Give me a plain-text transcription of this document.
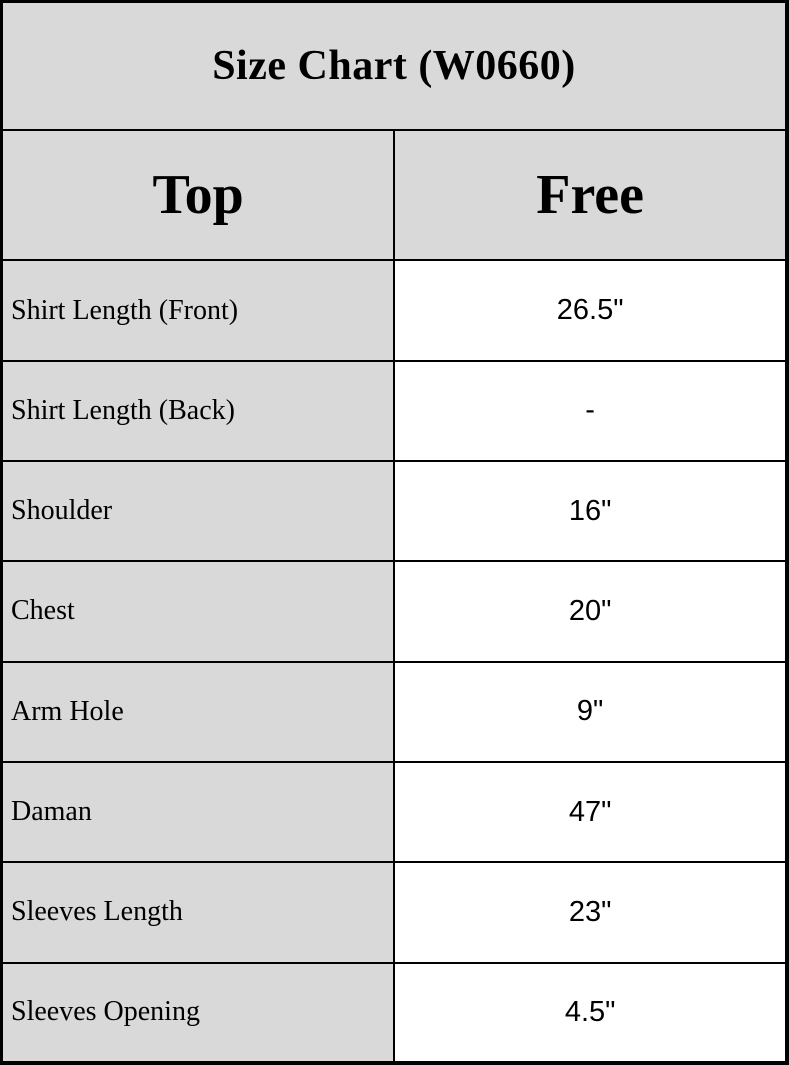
Size Chart (W0660)	
Top	Free
Shirt Length (Front)	26.5"
Shirt Length (Back)	-
Shoulder	16"
Chest	20"
Arm Hole	9"
Daman	47"
Sleeves Length	23"
Sleeves Opening	4.5"
